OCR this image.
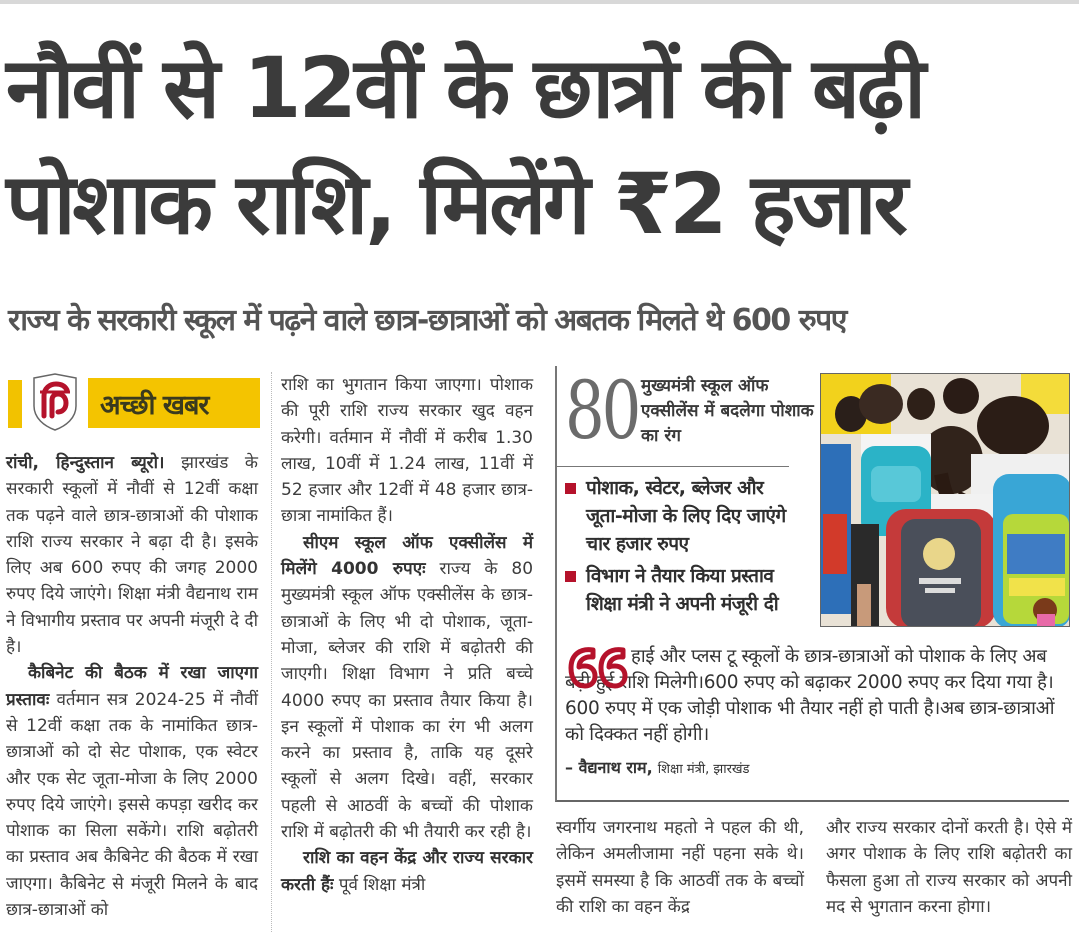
नौवीं से 12वीं के छात्रों की बढ़ी
पोशाक राशि, मिलेंगे ₹2 हजार
राज्य के सरकारी स्कूल में पढ़ने वाले छात्र-छात्राओं को अबतक मिलते थे 600 रुपए
अच्छी खबर

रांची, हिन्दुस्तान ब्यूरो। झारखंड के सरकारी स्कूलों में नौवीं से 12वीं कक्षा तक पढ़ने वाले छात्र-छात्राओं की पोशाक राशि राज्य सरकार ने बढ़ा दी है। इसके लिए अब 600 रुपए की जगह 2000 रुपए दिये जाएंगे। शिक्षा मंत्री वैद्यनाथ राम ने विभागीय प्रस्ताव पर अपनी मंजूरी दे दी है।

कैबिनेट की बैठक में रखा जाएगा प्रस्तावः वर्तमान सत्र 2024-25 में नौवीं से 12वीं कक्षा तक के नामांकित छात्र-छात्राओं को दो सेट पोशाक, एक स्वेटर और एक सेट जूता-मोजा के लिए 2000 रुपए दिये जाएंगे। इससे कपड़ा खरीद कर पोशाक का सिला सकेंगे। राशि बढ़ोतरी का प्रस्ताव अब कैबिनेट की बैठक में रखा जाएगा। कैबिनेट से मंजूरी मिलने के बाद छात्र-छात्राओं को

राशि का भुगतान किया जाएगा। पोशाक की पूरी राशि राज्य सरकार खुद वहन करेगी। वर्तमान में नौवीं में करीब 1.30 लाख, 10वीं में 1.24 लाख, 11वीं में 52 हजार और 12वीं में 48 हजार छात्र-छात्रा नामांकित हैं।

सीएम स्कूल ऑफ एक्सीलेंस में मिलेंगे 4000 रुपएः राज्य के 80 मुख्यमंत्री स्कूल ऑफ एक्सीलेंस के छात्र-छात्राओं के लिए भी दो पोशाक, जूता-मोजा, ब्लेजर की राशि में बढ़ोतरी की जाएगी। शिक्षा विभाग ने प्रति बच्चे 4000 रुपए का प्रस्ताव तैयार किया है। इन स्कूलों में पोशाक का रंग भी अलग करने का प्रस्ताव है, ताकि यह दूसरे स्कूलों से अलग दिखे। वहीं, सरकार पहली से आठवीं के बच्चों की पोशाक राशि में बढ़ोतरी की भी तैयारी कर रही है।

राशि का वहन केंद्र और राज्य सरकार करती हैंः पूर्व शिक्षा मंत्री

80 मुख्यमंत्री स्कूल ऑफ एक्सीलेंस में बदलेगा पोशाक का रंग
पोशाक, स्वेटर, ब्लेजर और जूता-मोजा के लिए दिए जाएंगे चार हजार रुपए
विभाग ने तैयार किया प्रस्ताव शिक्षा मंत्री ने अपनी मंजूरी दी

हाई और प्लस टू स्कूलों के छात्र-छात्राओं को पोशाक के लिए अब बढ़ी हुई राशि मिलेगी।600 रुपए को बढ़ाकर 2000 रुपए कर दिया गया है।600 रुपए में एक जोड़ी पोशाक भी तैयार नहीं हो पाती है।अब छात्र-छात्राओं को दिक्कत नहीं होगी।

– वैद्यनाथ राम, शिक्षा मंत्री, झारखंड

स्वर्गीय जगरनाथ महतो ने पहल की थी, लेकिन अमलीजामा नहीं पहना सके थे। इसमें समस्या है कि आठवीं तक के बच्चों की राशि का वहन केंद्र

और राज्य सरकार दोनों करती है। ऐसे में अगर पोशाक के लिए राशि बढ़ोतरी का फैसला हुआ तो राज्य सरकार को अपनी मद से भुगतान करना होगा।
